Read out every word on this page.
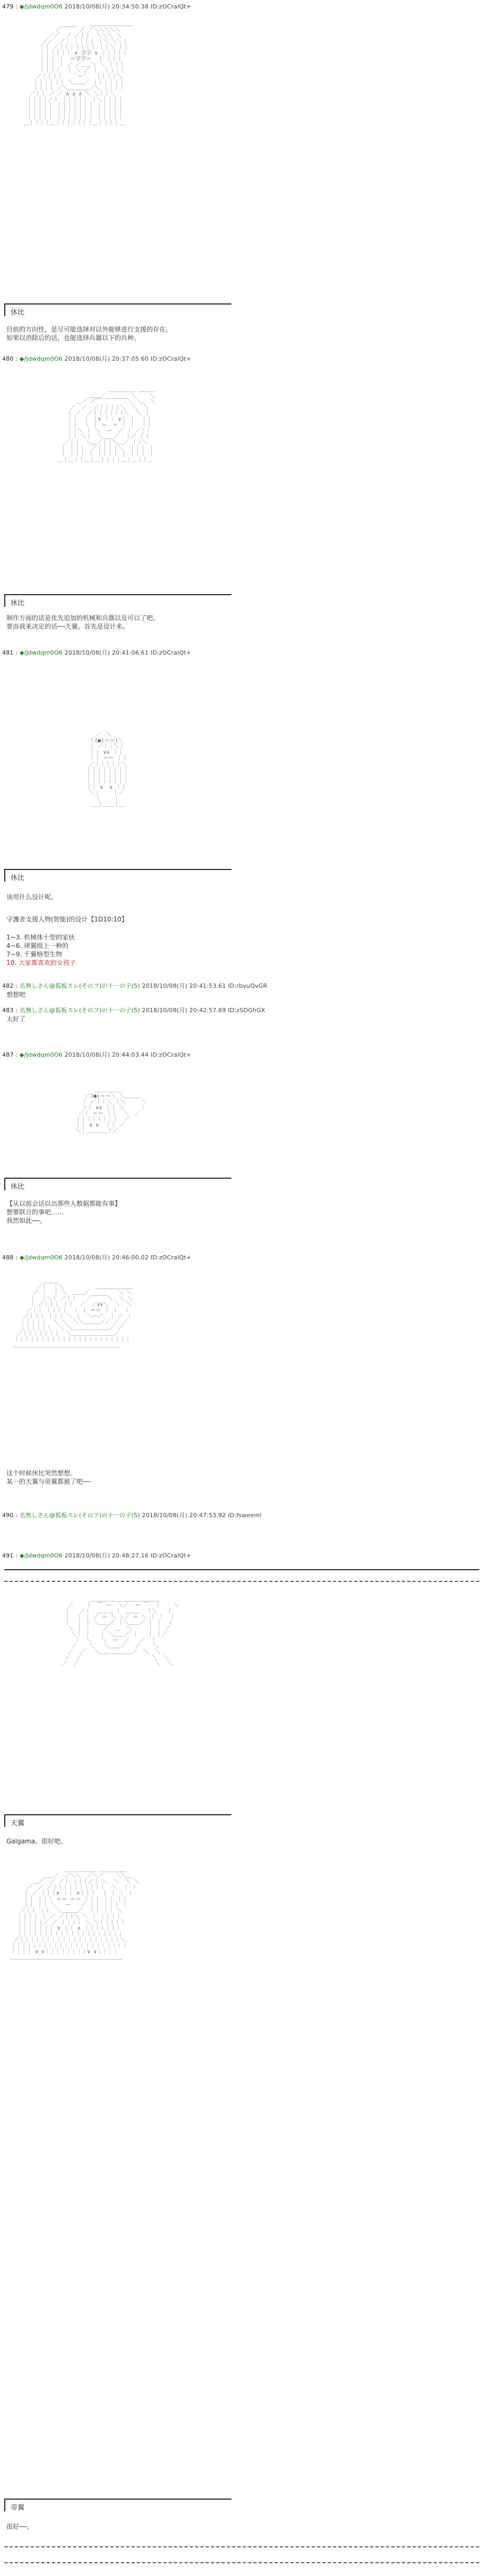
479 : ◆/Jdwdqm0O6 2018/10/08(月) 20:34:50.38 ID:zOCraIQt+
＿＿＿＿＿＿＿＿
／￣￣￣ ／ ／＼＼＼＼＼
／／  ／ ／｜｜  ＼＼＼ ＼
／／  ／｜ ｜｜｜｜ ｜＼ ＼＼｜
｜｜ ／｜｜｜｜｜｜｜ ｜｜＼ ｜｜
｜｜｜｜｜｜ ∨ 字字 ∨ ｜｜｜｜｜
｜｜｜ ｜  ＝字字＝  ｜ ｜｜｜
｜｜｜ ｜ ／ ／＿＿＼ ＼ ｜｜｜
｜｜｜｜  ｜ ＼ ／ ｜  ｜｜｜｜
／｜｜｜｜   ｀ー´   ｜｜｜｜＼
｜｜｜｜｜｜ ＼＿＿／ ｜｜｜｜｜｜
｜｜｜｜ ／＼＿＿＿＿／＼ ｜｜｜｜
／｜｜ ／ ／ ∧ ∧ ∧ ＼ ＼｜｜＼
｜｜｜｜／｜ ｜｜｜｜｜ ｜＼｜｜｜｜
｜｜｜｜｜ ｜｜｜｜｜｜｜ ｜｜｜｜｜
｜｜｜｜｜ ｜｜｜｜｜｜｜ ｜｜｜｜｜
｜｜｜｜｜ ｜｜｜｜｜｜｜ ｜｜｜｜｜
＿｜｜｜｜＿｜｜｜｜｜｜｜＿｜｜｜｜＿
休比
目前的方向性，是尽可能选择对以外能够进行支援的存在。
如果以消除后的话，也能选择兵器以下的兵种。
480 : ◆/Jdwdqm0O6 2018/10/08(月) 20:37:05.60 ID:zOCraIQt+
＿＿＿＿＿ ＿＿＿
＿＿／        ＼    ＼
＿／ ／￣￣￣￣￣￣＼ ＼＿ ＼
／  ／  ／｜｜｜｜＼  ＼  ＼
｜ ／  ／｜｜｜｜｜｜＼  ＼ ｜
｜｜  ｜ ｜∨ ｜｜ ∨｜ ｜  ｜｜
｜｜  ｜ ｜ ＝  ＝ ｜ ｜  ｜｜
｜｜＼ ｜ ＼  ー  ／ ｜ ／｜｜
｜｜ ＼｜  ＼＿＿／  ｜／ ｜｜
／｜｜  ＼＿／｜｜＼＿／ ｜｜＼
｜ ｜｜｜  ／｜｜｜｜＼  ｜｜｜ ｜
｜ ｜｜｜ ｜ ｜｜｜｜ ｜ ｜｜｜ ｜
＿｜＿｜｜＿｜＿｜｜｜｜＿｜＿｜｜＿
休比
制作方面的话是优先追加的机械和兵器以及可以了吧。
要由我来决定的话──天翼。首先是设计来。
481 : ◆/Jdwdqm0O6 2018/10/08(月) 20:41:06.61 ID:zOCraIQt+
／￣＼
｜(●)＝＝)＼
｜ ／｜｜＼｜
｜｜ ∨∨ ｜｜
｜｜ ＝＝ ｜｜
／｜｜｜｜｜＼
｜｜｜｜｜｜｜｜
｜｜｜｜｜｜｜｜
｜｜｜｜｜｜｜｜
｜｜ ∨  ∨ ｜｜
＼｜    ｜／
｜    ｜
＿｜＿＿｜＿
休比
该用什么设计呢。
守護者支援人物(智能)的设计【1D10:10】
1~3. 机械体十型的家伙
4~6. 律翼级上一种的
7~9. 千翼格型生物
10. 大家都喜欢的女孩子
482 : 名無しさん@狐板スレ(そのフ)の十一の子(5) 2018/10/08(月) 20:41:53.61 ID:rbvuQvGR
想想吧
483 : 名無しさん@狐板スレ(そのフ)の十一の子(5) 2018/10/08(月) 20:42:57.69 ID:zSDGhGX
太好了
487 : ◆/Jdwdqm0O6 2018/10/08(月) 20:44:03.44 ID:zOCraIQt+
＿＿＿＿＿
／(●)＝＝＼ ＼＿＿＿
｜ ／｜｜＼ ｜＼     ＼
｜｜ ∨∨ ｜｜ ＼     ｜
／｜ ＝＝ ｜｜  ＼  ／
｜｜｜｜｜｜｜｜  ／
｜｜ ∨ ∨  ｜｜ ／
＼｜＿＿＿＿｜／
休比
【从以前会话以出那些人数据都能有事】
想要联合的事吧……
我然如此──。
488 : ◆/Jdwdqm0O6 2018/10/08(月) 20:46:00.02 ID:zOCraIQt+
＿＿＿
／｜  ｜＼          ＿＿＿＿＿＿＿
／ ｜  ｜ ＼  ＿＿／         ＼ ＼
｜  ｜＼｜ ／｜｜   ／￣￣￣＼  ＼ ＼
｜ ／｜｜｜ ｜｜  ／  ／∨∨＼  ＼  ＼
／｜｜ ｜｜｜｜  ｜ ｜ ＝＝ ｜ ｜  ｜
／｜｜｜ ｜｜｜ ＼ ｜  ＼ー／  ｜ ／ ｜
｜｜｜｜｜  ＼ ＼  ＼＼＿＿＿／／ ／ ／
｜｜｜｜｜｜  ＼ ＼＿＿＿＿＿＿＿／ ／
／｜｜｜｜｜｜｜  ＼＿＿＿＿＿＿＿＿／
｜｜｜｜｜｜｜｜｜｜｜｜｜｜｜｜｜｜｜｜｜｜
＿＿＿＿＿＿＿＿＿＿＿＿＿＿＿＿＿＿＿＿
这个时候休比突然想想。
某一的天翼与帝翼都被了吧──
490 : 名無しさん@狐板スレ(そのフ)の十一の子(5) 2018/10/08(月) 20:47:53.92 ID:fsweeml
491 : ◆/Jdwdqm0O6 2018/10/08(月) 20:48:27.16 ID:zOCraIQt+
＿＿＿＿＿＿＿＿＿＿＿＿＿
／    ｜  ￣ ー  ＼／  ー ￣  ｜    ＼
｜   ／｜  ＿＿＿ ｜ ＿＿＿  ｜＼   ｜
｜  ｜ ｜ ／ ＝ ＼ ｜／ ＝ ＼ ｜ ｜  ｜
｜  ｜ ｜ ＼＿＿／ ｜＼＿＿／ ｜ ｜  ｜
＼ ｜ ｜    ／  ＿  ＼     ｜ ｜ ／
＼｜ ｜   ｜ ＼＿＿／ ｜   ｜ ｜／
｜  ＼   ＼  ー  ／   ／  ｜
／    ＼   ＼＿＿／   ／    ＼
／  ／   ＼＿＿＿＿＿＿／  ＼  ＼
／  ／                      ＼  ＼
／  ／                        ＼  ＼
天翼
Galgama、很好吧。
＿＿＿＿＿＿ ＿＿＿＿＿
＿＿／  ／＼＼  ／＼／    ＼＼＿
＿／  ／ ／｜ ｜｜｜／｜ ＼  ＼  ＼ ＼
／  ／ ／｜｜｜｜｜｜｜｜｜｜  ＼  ｜ ｜
｜ ／ ｜｜｜∨ ｜｜ ∨｜｜｜  ｜ ｜ ｜ ｜
｜｜ ｜｜｜ ＝＝ ＝＝ ｜｜｜ ｜｜ ｜｜
｜｜ ｜｜ ＼   ー   ／ ｜｜ ｜｜｜ ｜
／｜｜ ｜｜  ＼＿＿＿／  ｜｜ ｜｜ ＼
｜｜｜｜ ｜ ／ ／｜｜＼ ＼ ｜ ｜｜｜｜
｜｜｜｜｜／ ／ ｜｜｜｜ ＼ ＼｜｜｜｜｜
｜｜｜｜｜｜｜ ∧ ｜｜ ∧ ｜｜｜｜｜｜｜
｜｜｜｜｜｜｜｜｜｜｜｜｜｜｜｜｜｜｜｜
／｜｜｜｜｜｜｜｜｜｜｜｜｜｜｜｜｜｜｜＼
｜｜｜｜｜｜｜｜｜｜｜｜｜｜｜｜｜｜｜｜｜｜
｜｜｜｜ ∨ ∨｜｜｜｜｜｜｜｜∨ ∨｜｜｜｜
＿＿＿＿＿＿＿＿＿＿＿＿＿＿＿＿＿＿＿＿＿
帝翼
很好──。
